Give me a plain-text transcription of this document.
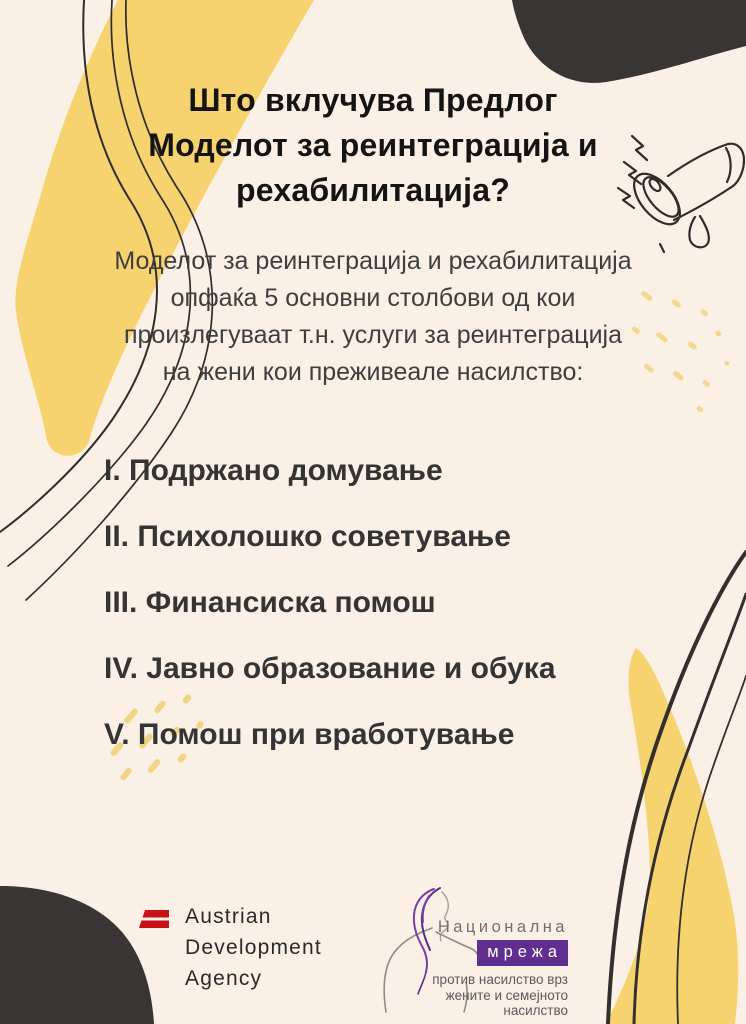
Што вклучува Предлог
Моделот за реинтеграција и
рехабилитација?
Моделот за реинтеграција и рехабилитација
опфаќа 5 основни столбови од кои
произлегуваат т.н. услуги за реинтеграција
на жени кои преживеале насилство:
I. Подржано домување
II. Психолошко советување
III. Финансиска помош
IV. Јавно образование и обука
V. Помош при вработување
Austrian
Development
Agency
Национална
мрежа
против насилство врз
жените и семејното
насилство
